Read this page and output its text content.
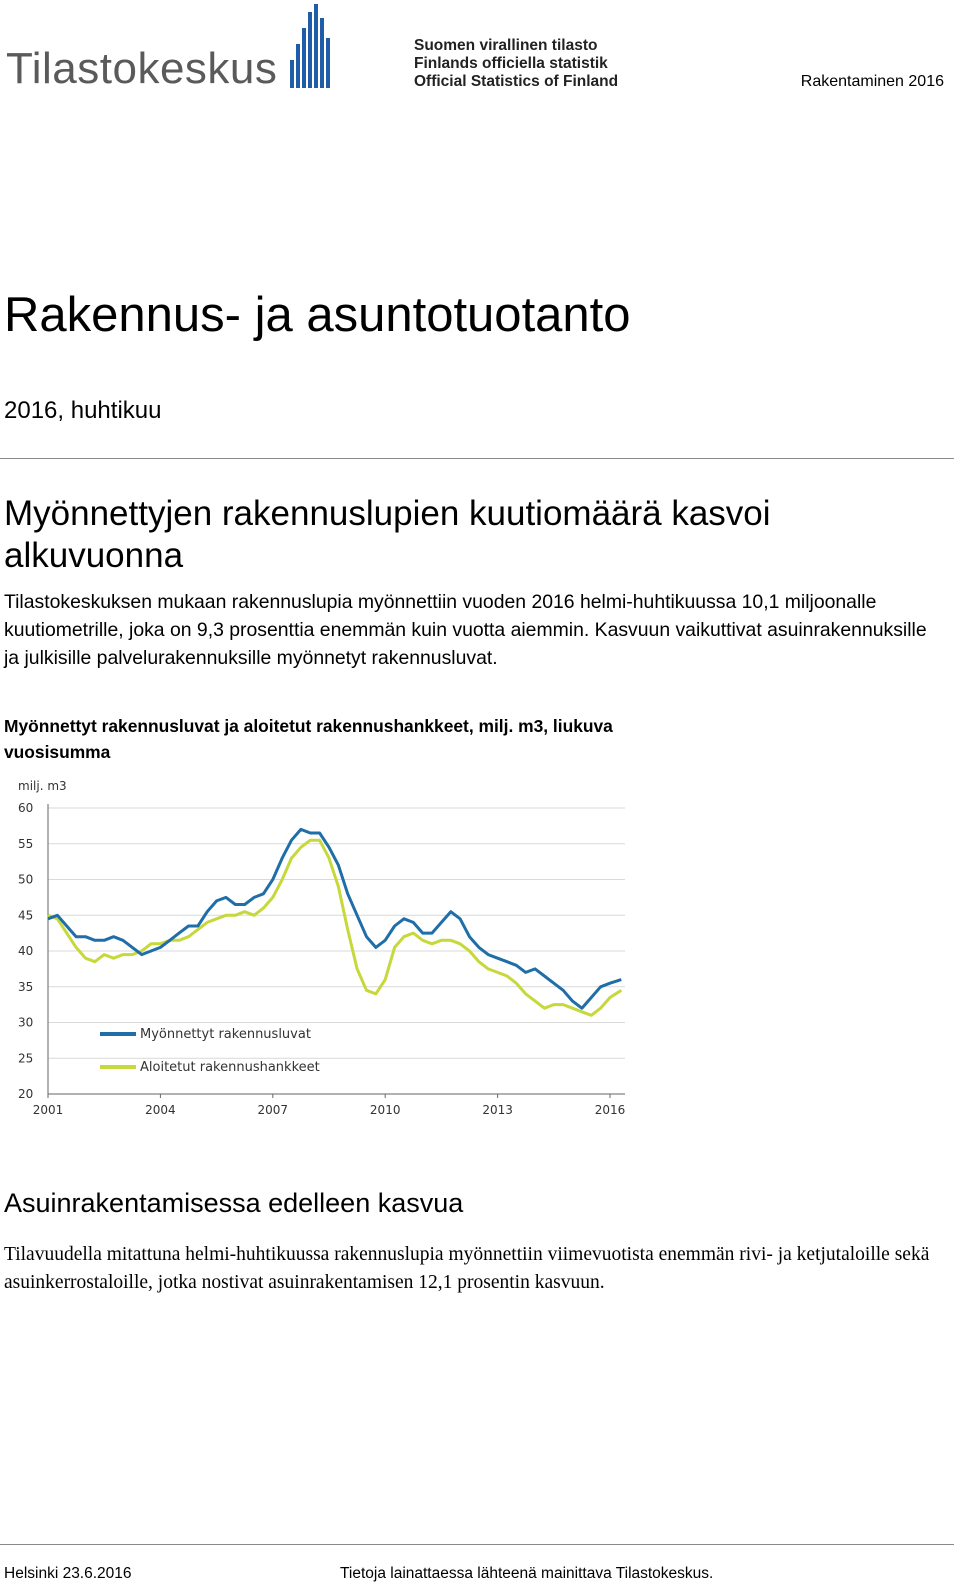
Tilastokeskus	Suomen virallinen tilasto
Finlands officiella statistik
Official Statistics of Finland	Rakentaminen 2016
Rakennus- ja asuntotuotanto
2016, huhtikuu
Myönnettyjen rakennuslupien kuutiomäärä kasvoi alkuvuonna
Tilastokeskuksen mukaan rakennuslupia myönnettiin vuoden 2016 helmi-huhtikuussa 10,1 miljoonalle kuutiometrille, joka on 9,3 prosenttia enemmän kuin vuotta aiemmin. Kasvuun vaikuttivat asuinrakennuksille ja julkisille palvelurakennuksille myönnetyt rakennusluvat.
Myönnettyt rakennusluvat ja aloitetut rakennushankkeet, milj. m3, liukuva vuosisumma
milj. m3
60
55
50
45
40
35
30
25
20
2001	2004	2007	2010	2013	2016
Myönnettyt rakennusluvat
Aloitetut rakennushankkeet
Asuinrakentamisessa edelleen kasvua
Tilavuudella mitattuna helmi-huhtikuussa rakennuslupia myönnettiin viimevuotista enemmän rivi- ja ketjutaloille sekä asuinkerrostaloille, jotka nostivat asuinrakentamisen 12,1 prosentin kasvuun.
Helsinki 23.6.2016	Tietoja lainattaessa lähteenä mainittava Tilastokeskus.
